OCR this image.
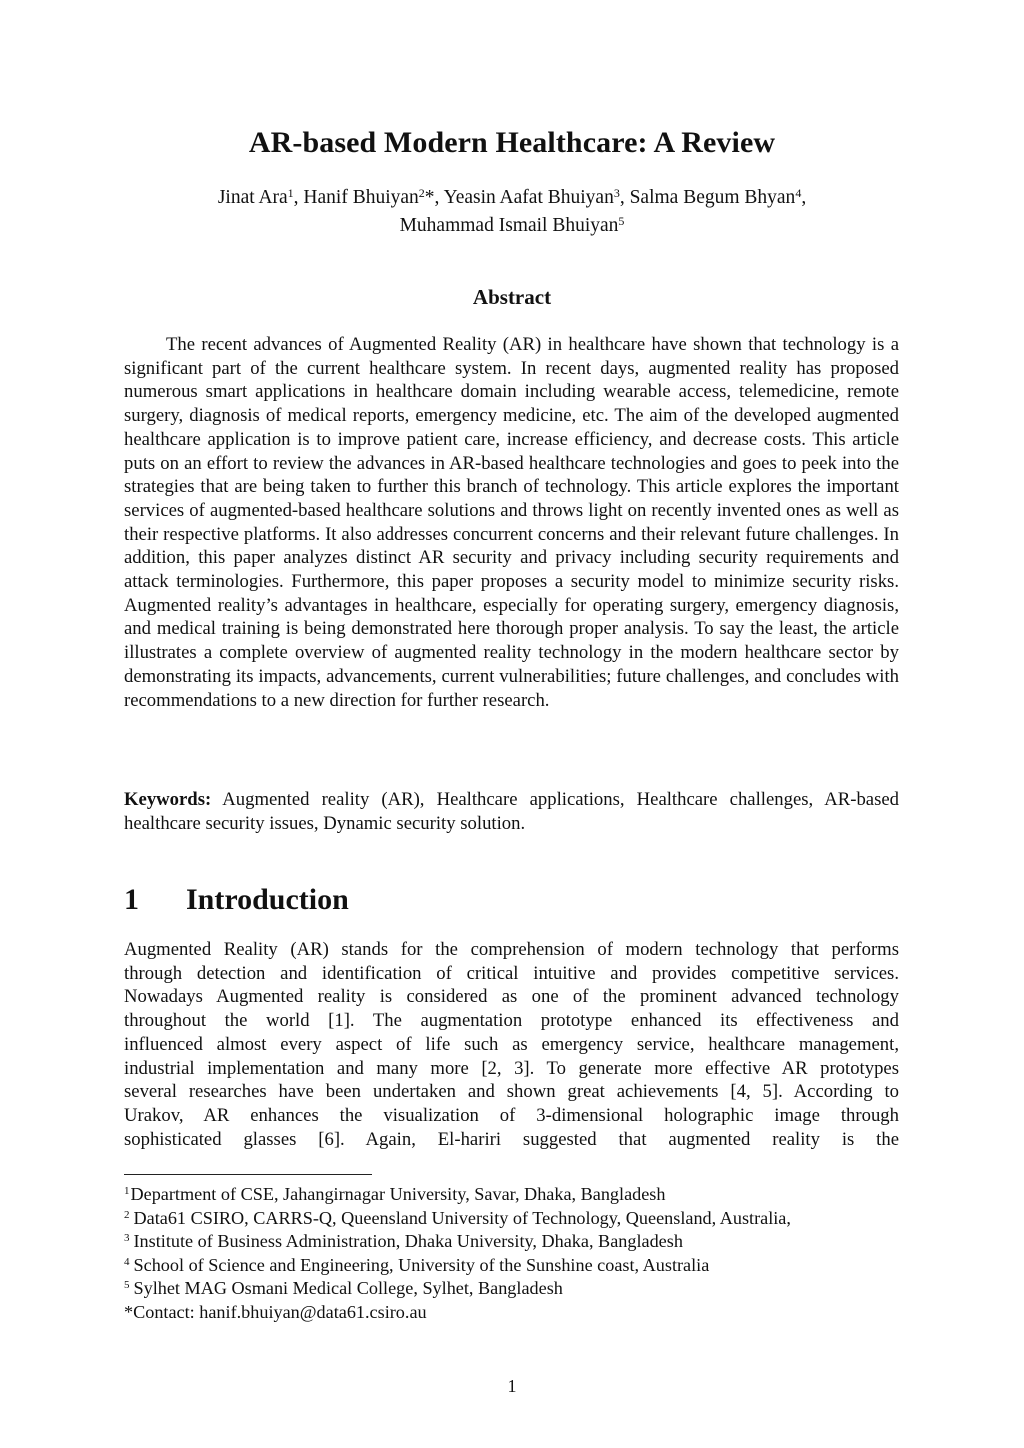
AR-based Modern Healthcare: A Review
Jinat Ara$^1$, Hanif Bhuiyan$^2$*, Yeasin Aafat Bhuiyan$^3$, Salma Begum Bhyan$^4$,
Muhammad Ismail Bhuiyan$^5$
Abstract

The recent advances of Augmented Reality (AR) in healthcare have shown that technology is a significant part of the current healthcare system. In recent days, augmented reality has proposed numerous smart applications in healthcare domain including wearable access, telemedicine, remote surgery, diagnosis of medical reports, emergency medicine, etc. The aim of the developed augmented healthcare application is to improve patient care, increase efficiency, and decrease costs. This article puts on an effort to review the advances in AR-based healthcare technologies and goes to peek into the strategies that are being taken to further this branch of technology. This article explores the important services of augmented-based healthcare solutions and throws light on recently invented ones as well as their respective platforms. It also addresses concurrent concerns and their relevant future challenges. In addition, this paper analyzes distinct AR security and privacy including security requirements and attack terminologies. Furthermore, this paper proposes a security model to minimize security risks. Augmented reality’s advantages in healthcare, especially for operating surgery, emergency diagnosis, and medical training is being demonstrated here thorough proper analysis. To say the least, the article illustrates a complete overview of augmented reality technology in the modern healthcare sector by demonstrating its impacts, advancements, current vulnerabilities; future challenges, and concludes with recommendations to a new direction for further research.

Keywords: Augmented reality (AR), Healthcare applications, Healthcare challenges, AR-based healthcare security issues, Dynamic security solution.

1 Introduction
Augmented Reality (AR) stands for the comprehension of modern technology that performs
through detection and identification of critical intuitive and provides competitive services.
Nowadays Augmented reality is considered as one of the prominent advanced technology
throughout the world [1]. The augmentation prototype enhanced its effectiveness and
influenced almost every aspect of life such as emergency service, healthcare management,
industrial implementation and many more [2, 3]. To generate more effective AR prototypes
several researches have been undertaken and shown great achievements [4, 5]. According to
Urakov, AR enhances the visualization of 3-dimensional holographic image through
sophisticated glasses [6]. Again, El-hariri suggested that augmented reality is the
$^1$Department of CSE, Jahangirnagar University, Savar, Dhaka, Bangladesh
$^2$ Data61 CSIRO, CARRS-Q, Queensland University of Technology, Queensland, Australia,
$^3$ Institute of Business Administration, Dhaka University, Dhaka, Bangladesh
$^4$ School of Science and Engineering, University of the Sunshine coast, Australia
$^5$ Sylhet MAG Osmani Medical College, Sylhet, Bangladesh
*Contact: hanif.bhuiyan@data61.csiro.au
1
